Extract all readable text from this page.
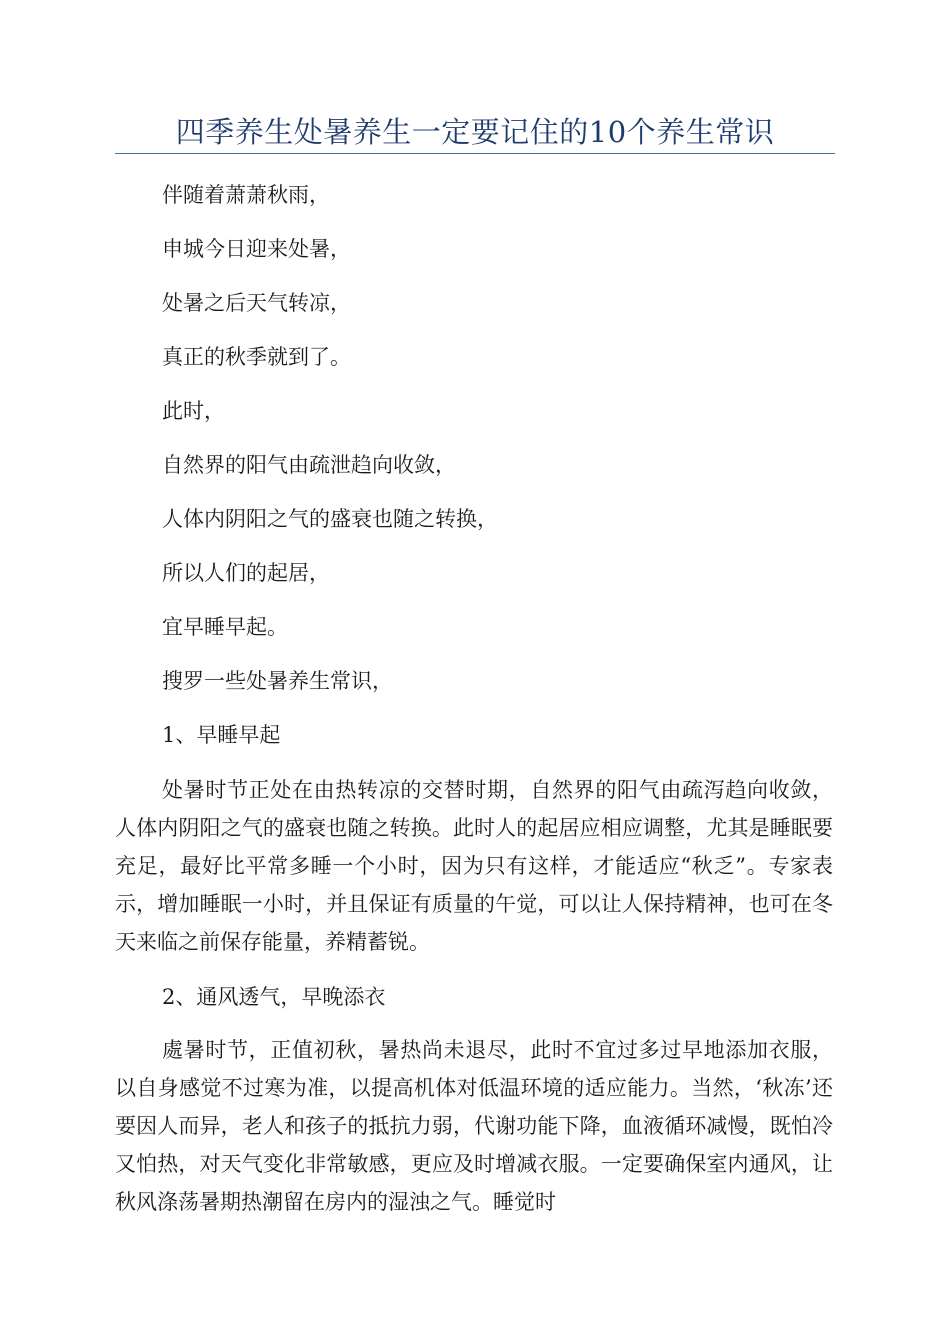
四季养生处暑养生一定要记住的10个养生常识
伴随着萧萧秋雨，
申城今日迎来处暑，
处暑之后天气转凉，
真正的秋季就到了。
此时，
自然界的阳气由疏泄趋向收敛，
人体内阴阳之气的盛衰也随之转换，
所以人们的起居，
宜早睡早起。
搜罗一些处暑养生常识，
1、早睡早起
处暑时节正处在由热转凉的交替时期，自然界的阳气由疏泻趋向收敛，人体内阴阳之气的盛衰也随之转换。此时人的起居应相应调整，尤其是睡眠要充足，最好比平常多睡一个小时，因为只有这样，才能适应“秋乏”。专家表示，增加睡眠一小时，并且保证有质量的午觉，可以让人保持精神，也可在冬天来临之前保存能量，养精蓄锐。
2、通风透气，早晚添衣
處暑时节，正值初秋，暑热尚未退尽，此时不宜过多过早地添加衣服，以自身感觉不过寒为准，以提高机体对低温环境的适应能力。当然，‘秋冻’还要因人而异，老人和孩子的抵抗力弱，代谢功能下降，血液循环减慢，既怕冷又怕热，对天气变化非常敏感，更应及时增减衣服。一定要确保室内通风，让秋风涤荡暑期热潮留在房内的湿浊之气。睡觉时
